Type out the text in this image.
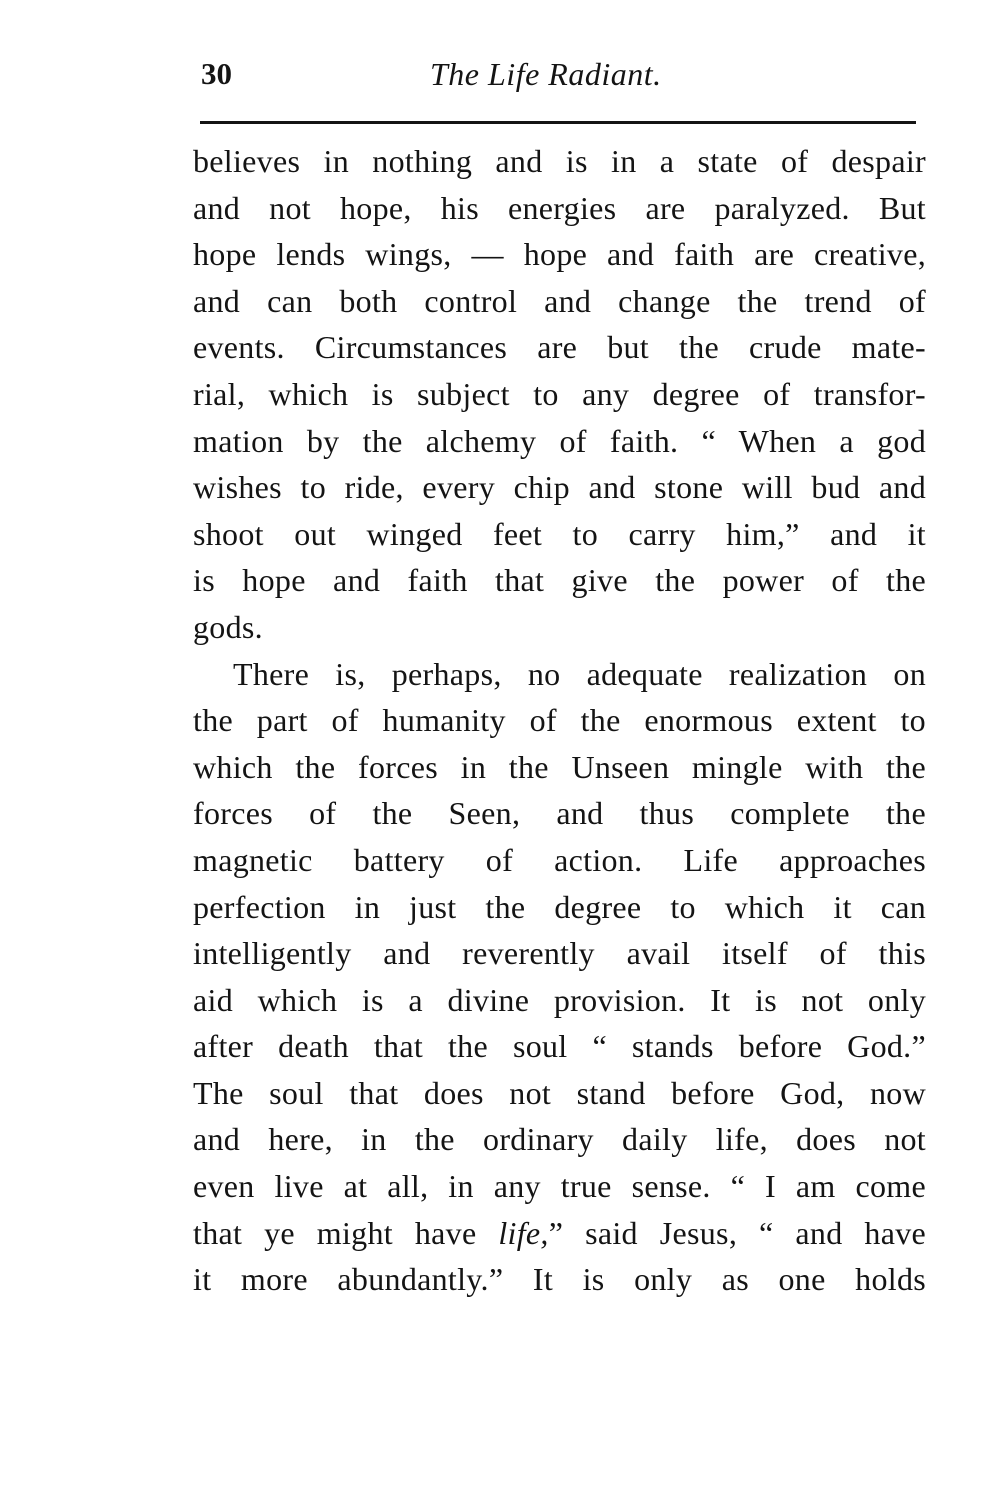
30	The Life Radiant.
believes in nothing and is in a state of despair
and not hope, his energies are paralyzed. But
hope lends wings, — hope and faith are creative,
and can both control and change the trend of
events. Circumstances are but the crude mate-
rial, which is subject to any degree of transfor-
mation by the alchemy of faith. “ When a god
wishes to ride, every chip and stone will bud and
shoot out winged feet to carry him,” and it
is hope and faith that give the power of the
gods.
There is, perhaps, no adequate realization on
the part of humanity of the enormous extent to
which the forces in the Unseen mingle with the
forces of the Seen, and thus complete the
magnetic battery of action. Life approaches
perfection in just the degree to which it can
intelligently and reverently avail itself of this
aid which is a divine provision. It is not only
after death that the soul “ stands before God.”
The soul that does not stand before God, now
and here, in the ordinary daily life, does not
even live at all, in any true sense. “ I am come
that ye might have life,” said Jesus, “ and have
it more abundantly.” It is only as one holds
